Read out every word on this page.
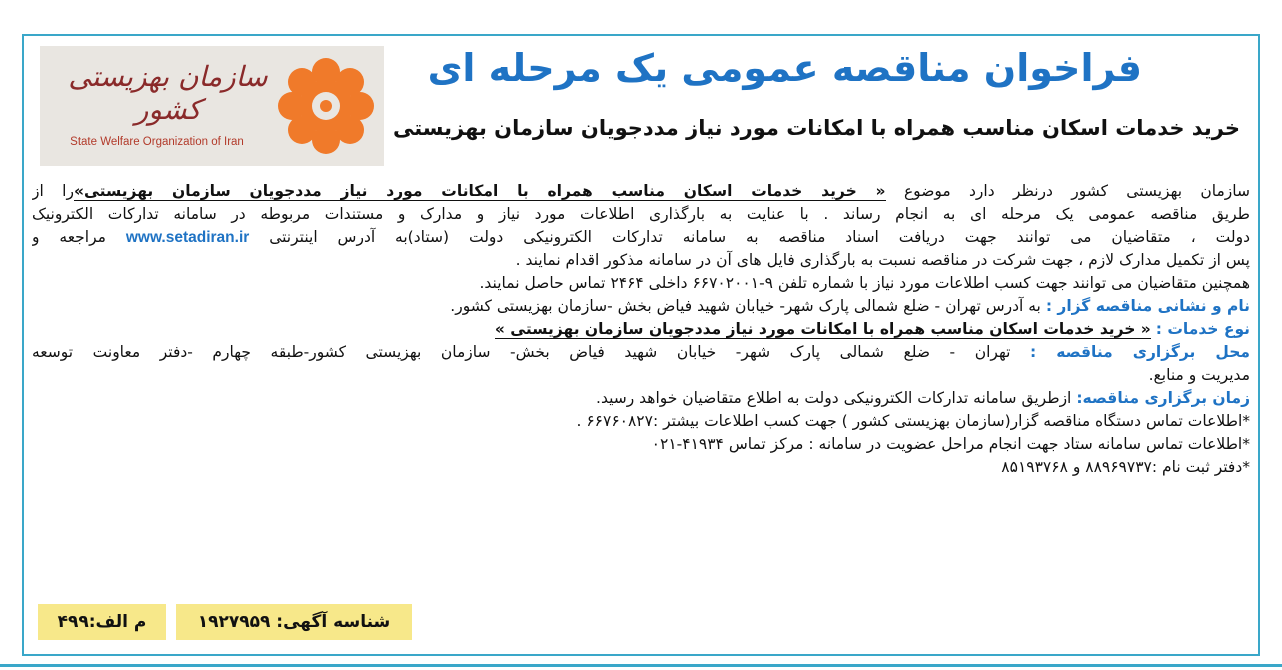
سازمان بهزیستی کشور
State Welfare Organization of Iran
فراخوان مناقصه عمومی یک مرحله ای
خرید خدمات اسکان مناسب همراه با امکانات مورد نیاز مددجویان سازمان بهزیستی
سازمان بهزیستی کشور درنظر دارد موضوع « خرید خدمات اسکان مناسب همراه با امکانات مورد نیاز مددجویان سازمان بهزیستی»را از
طریق مناقصه عمومی یک مرحله ای به انجام رساند . با عنایت به بارگذاری اطلاعات مورد نیاز و مدارک و مستندات مربوطه در سامانه تدارکات الکترونیک
دولت ، متقاضیان می توانند جهت دریافت اسناد مناقصه به سامانه تدارکات الکترونیکی دولت (ستاد)به آدرس اینترنتی www.setadiran.ir مراجعه و
پس از تکمیل مدارک لازم ، جهت شرکت در مناقصه نسبت به بارگذاری فایل های آن در سامانه مذکور اقدام نمایند .
همچنین متقاضیان می توانند جهت کسب اطلاعات مورد نیاز با شماره تلفن ۹-۶۶۷۰۲۰۰۱ داخلی ۲۴۶۴ تماس حاصل نمایند.
نام و نشانی مناقصه گزار : به آدرس تهران - ضلع شمالی پارک شهر- خیابان شهید فیاض بخش -سازمان بهزیستی کشور.
نوع خدمات : « خرید خدمات اسکان مناسب همراه با امکانات مورد نیاز مددجویان سازمان بهزیستی »
محل برگزاری مناقصه : تهران - ضلع شمالی پارک شهر- خیابان شهید فیاض بخش- سازمان بهزیستی کشور-طبقه چهارم -دفتر معاونت توسعه
مدیریت و منابع.
زمان برگزاری مناقصه: ازطریق سامانه تدارکات الکترونیکی دولت به اطلاع متقاضیان خواهد رسید.
*اطلاعات تماس دستگاه مناقصه گزار(سازمان بهزیستی کشور ) جهت کسب اطلاعات بیشتر :۶۶۷۶۰۸۲۷ .
*اطلاعات تماس سامانه ستاد جهت انجام مراحل عضویت در سامانه : مرکز تماس ۴۱۹۳۴-۰۲۱
*دفتر ثبت نام :۸۸۹۶۹۷۳۷ و ۸۵۱۹۳۷۶۸
شناسه آگهی: ۱۹۲۷۹۵۹
م الف:۴۹۹
